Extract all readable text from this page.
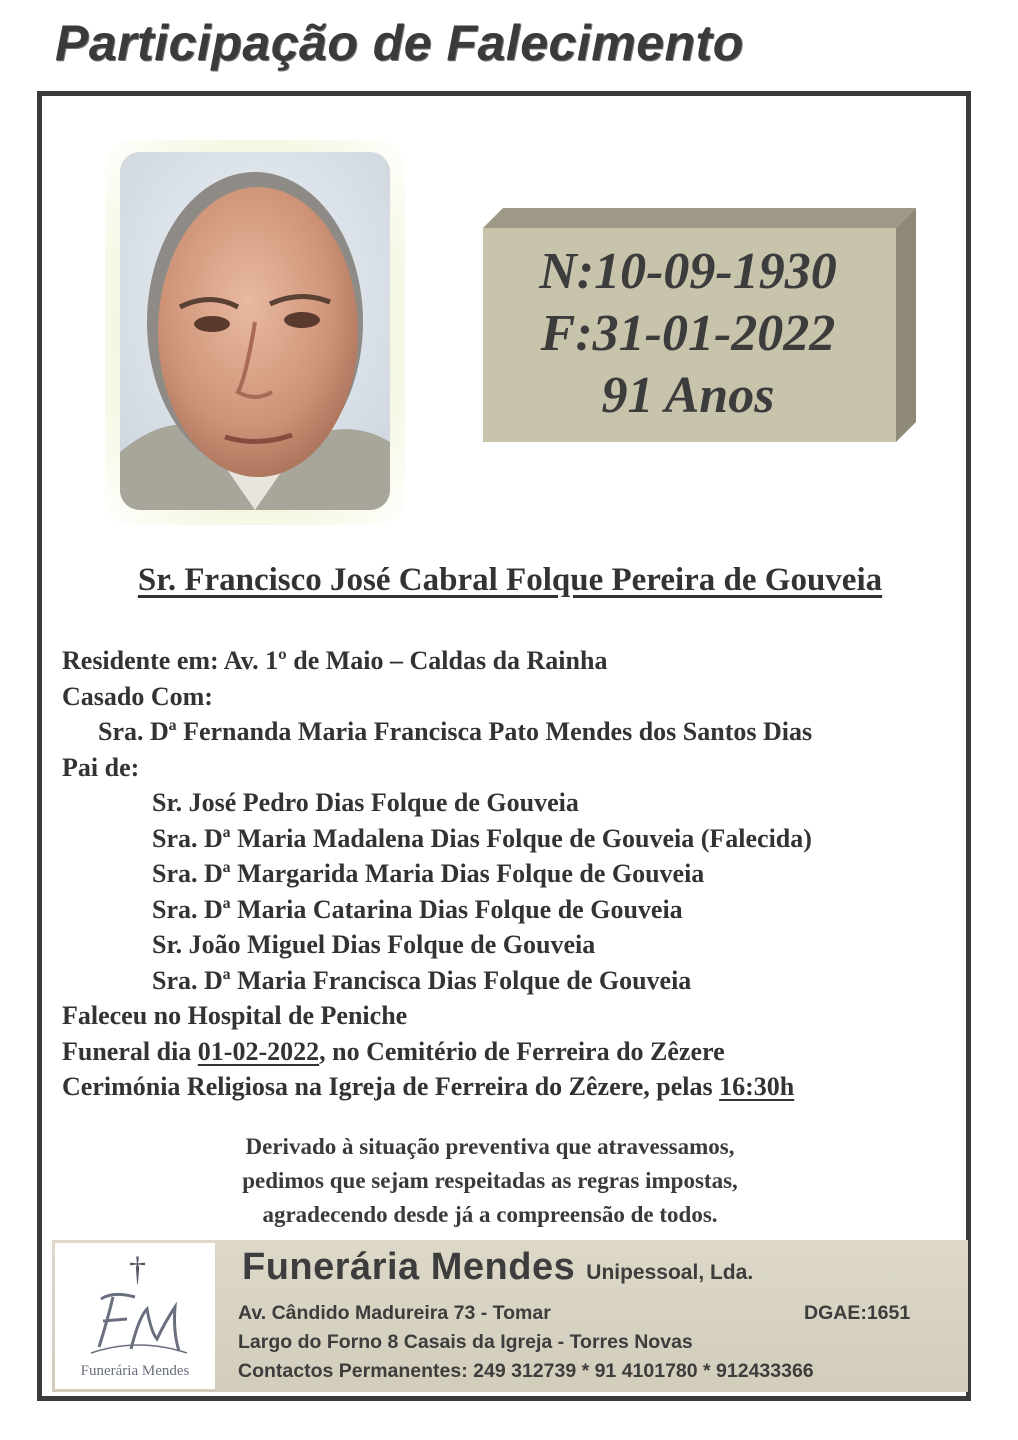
Participação de Falecimento
N:10-09-1930
F:31-01-2022
91 Anos
Sr. Francisco José Cabral Folque Pereira de Gouveia
Residente em: Av. 1º de Maio – Caldas da Rainha
Casado Com:
Sra. Dª Fernanda Maria Francisca Pato Mendes dos Santos Dias
Pai de:
Sr. José Pedro Dias Folque de Gouveia
Sra. Dª Maria Madalena Dias Folque de Gouveia (Falecida)
Sra. Dª Margarida Maria Dias Folque de Gouveia
Sra. Dª Maria Catarina Dias Folque de Gouveia
Sr. João Miguel Dias Folque de Gouveia
Sra. Dª Maria Francisca Dias Folque de Gouveia
Faleceu no Hospital de Peniche
Funeral dia 01-02-2022, no Cemitério de Ferreira do Zêzere
Cerimónia Religiosa na Igreja de Ferreira do Zêzere, pelas 16:30h
Derivado à situação preventiva que atravessamos,
pedimos que sejam respeitadas as regras impostas,
agradecendo desde já a compreensão de todos.
†
Funerária Mendes
Funerária Mendes Unipessoal, Lda.
Av. Cândido Madureira 73 - Tomar	DGAE:1651
Largo do Forno 8 Casais da Igreja - Torres Novas
Contactos Permanentes: 249 312739 * 91 4101780 * 912433366
